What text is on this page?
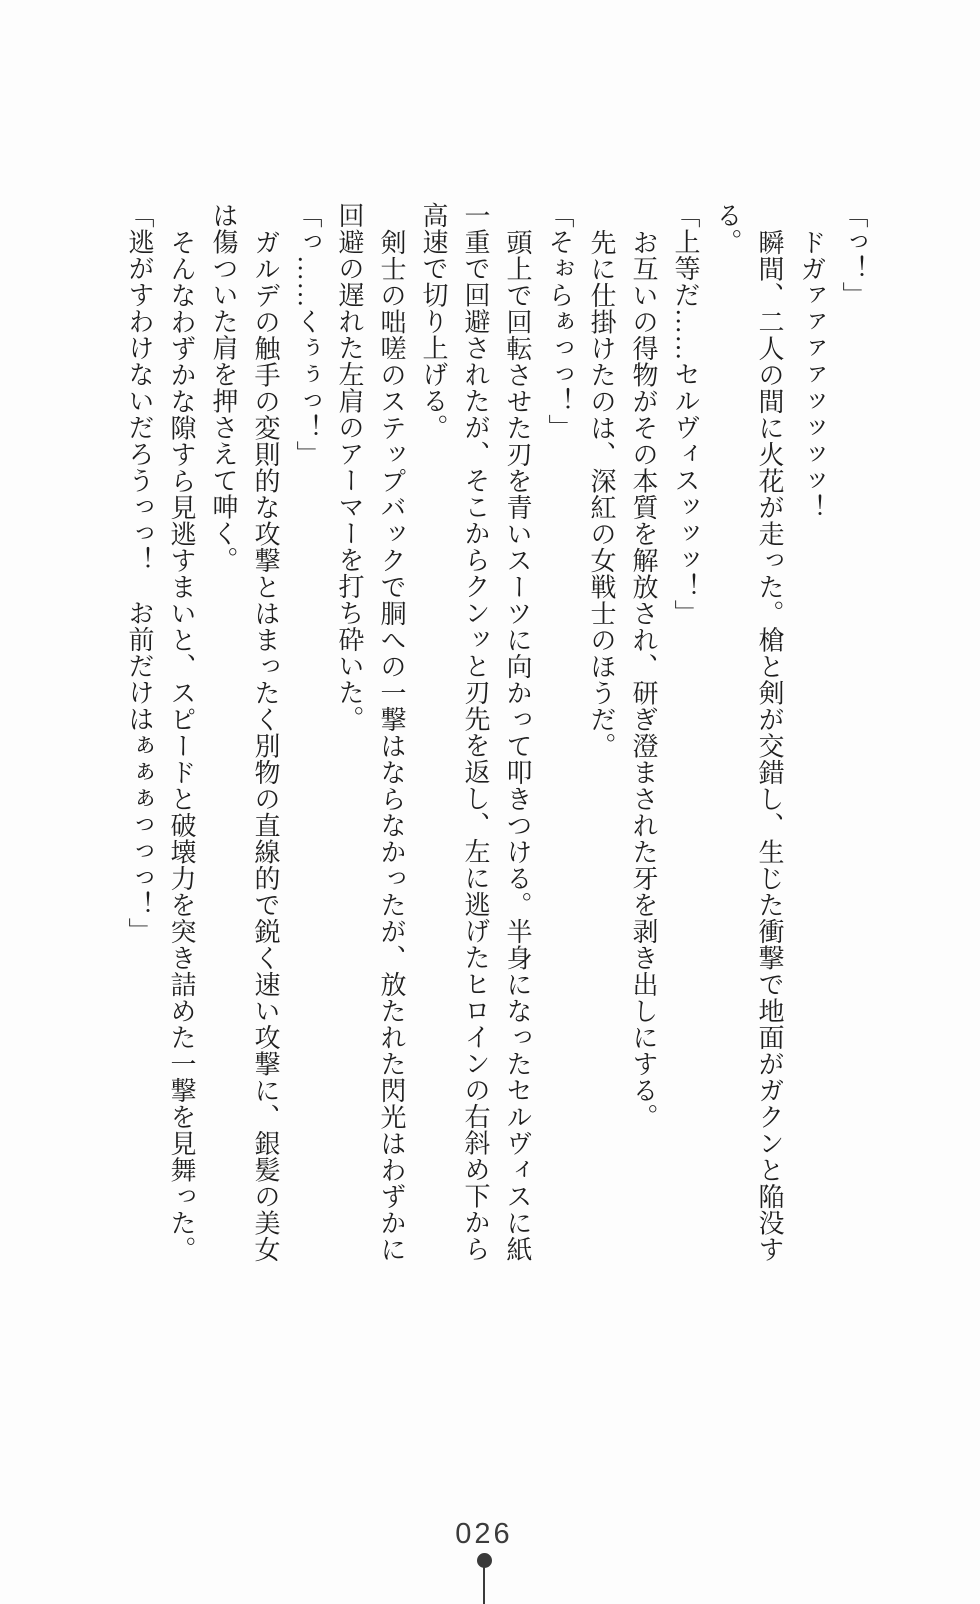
「っ！」

ドガァァァァッッッッ！

瞬間、二人の間に火花が走った。槍と剣が交錯し、生じた衝撃で地面がガクンと陥没す

る。

「上等だ……セルヴィスッッッ！」

お互いの得物がその本質を解放され、研ぎ澄まされた牙を剥き出しにする。

先に仕掛けたのは、深紅の女戦士のほうだ。

「そぉらぁっっ！」

頭上で回転させた刃を青いスーツに向かって叩きつける。半身になったセルヴィスに紙

一重で回避されたが、そこからクンッと刃先を返し、左に逃げたヒロインの右斜め下から

高速で切り上げる。

剣士の咄嗟のステップバックで胴への一撃はならなかったが、放たれた閃光はわずかに

回避の遅れた左肩のアーマーを打ち砕いた。

「っ……くぅぅっ！」

ガルデの触手の変則的な攻撃とはまったく別物の直線的で鋭く速い攻撃に、銀髪の美女

は傷ついた肩を押さえて呻く。

そんなわずかな隙すら見逃すまいと、スピードと破壊力を突き詰めた一撃を見舞った。

「逃がすわけないだろうっっ！　お前だけはぁぁぁっっっ！」

026
